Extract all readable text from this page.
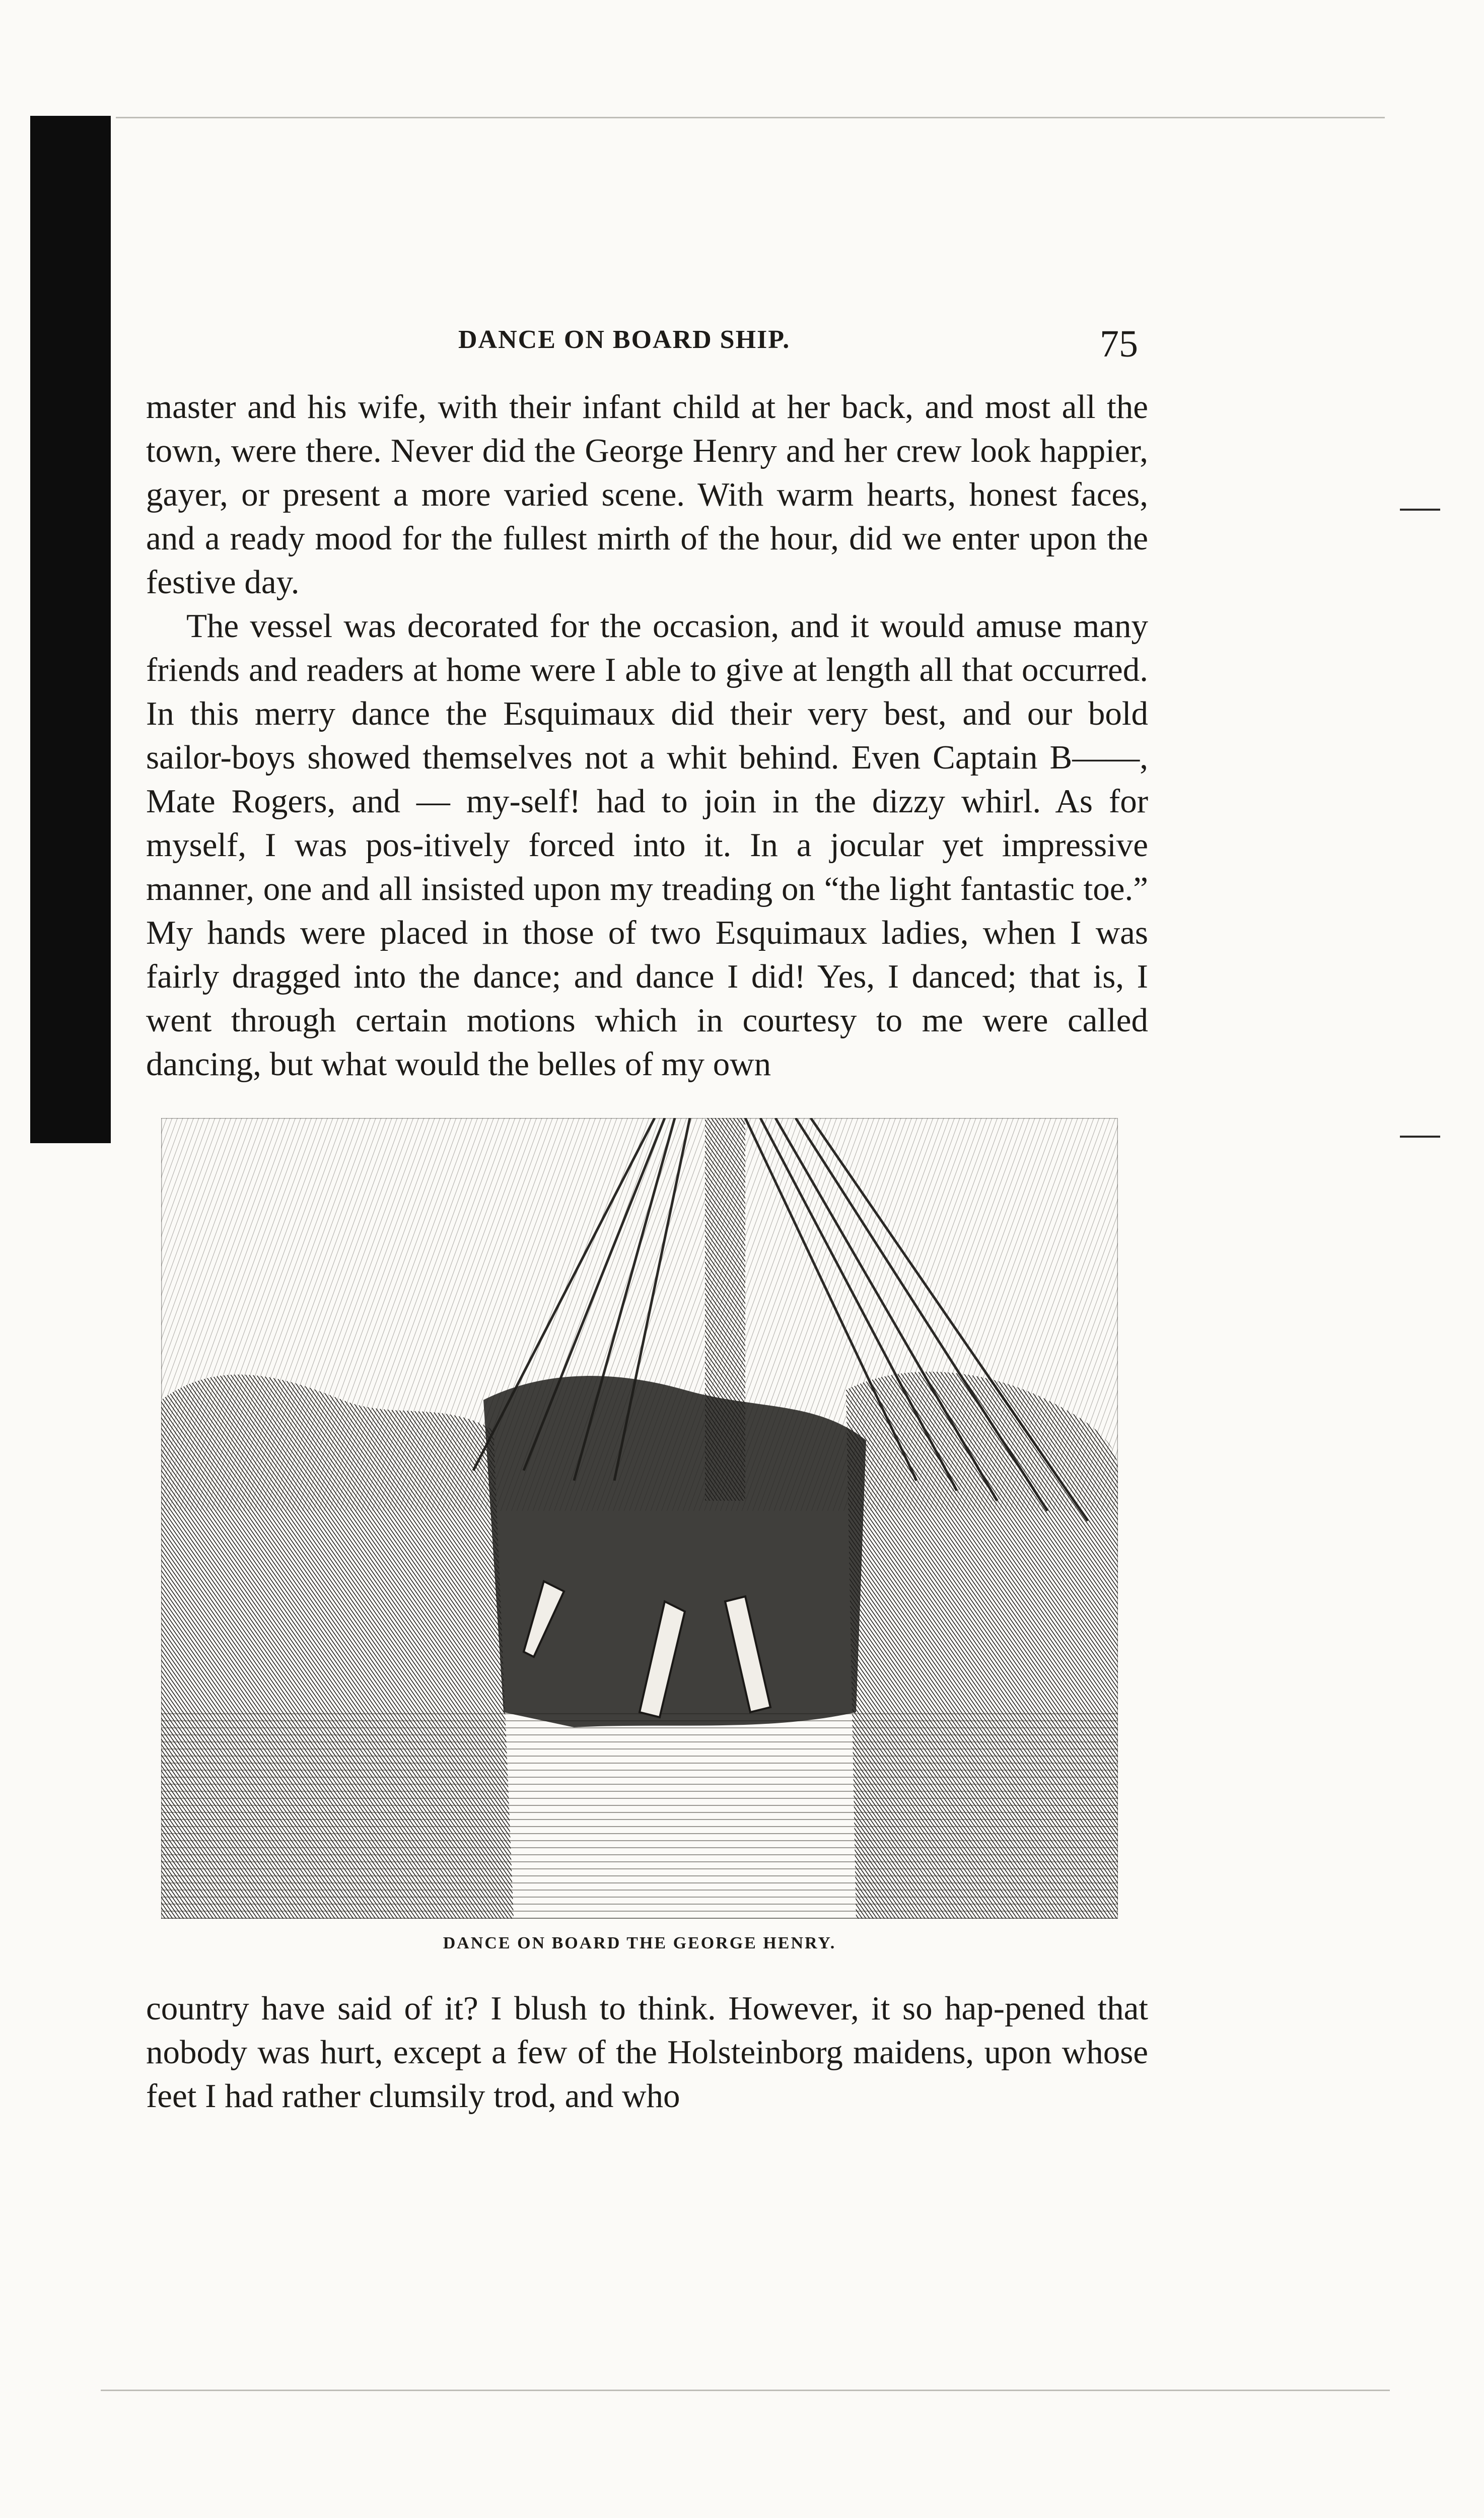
DANCE ON BOARD SHIP.	75

master and his wife, with their infant child at her back, and most all the town, were there. Never did the George Henry and her crew look happier, gayer, or present a more varied scene. With warm hearts, honest faces, and a ready mood for the fullest mirth of the hour, did we enter upon the festive day.

The vessel was decorated for the occasion, and it would amuse many friends and readers at home were I able to give at length all that occurred. In this merry dance the Esquimaux did their very best, and our bold sailor-boys showed themselves not a whit behind. Even Captain B——, Mate Rogers, and — my-self! had to join in the dizzy whirl. As for myself, I was pos-itively forced into it. In a jocular yet impressive manner, one and all insisted upon my treading on “the light fantastic toe.” My hands were placed in those of two Esquimaux ladies, when I was fairly dragged into the dance; and dance I did! Yes, I danced; that is, I went through certain motions which in courtesy to me were called dancing, but what would the belles of my own

DANCE ON BOARD THE GEORGE HENRY.

country have said of it? I blush to think. However, it so hap-pened that nobody was hurt, except a few of the Holsteinborg maidens, upon whose feet I had rather clumsily trod, and who
